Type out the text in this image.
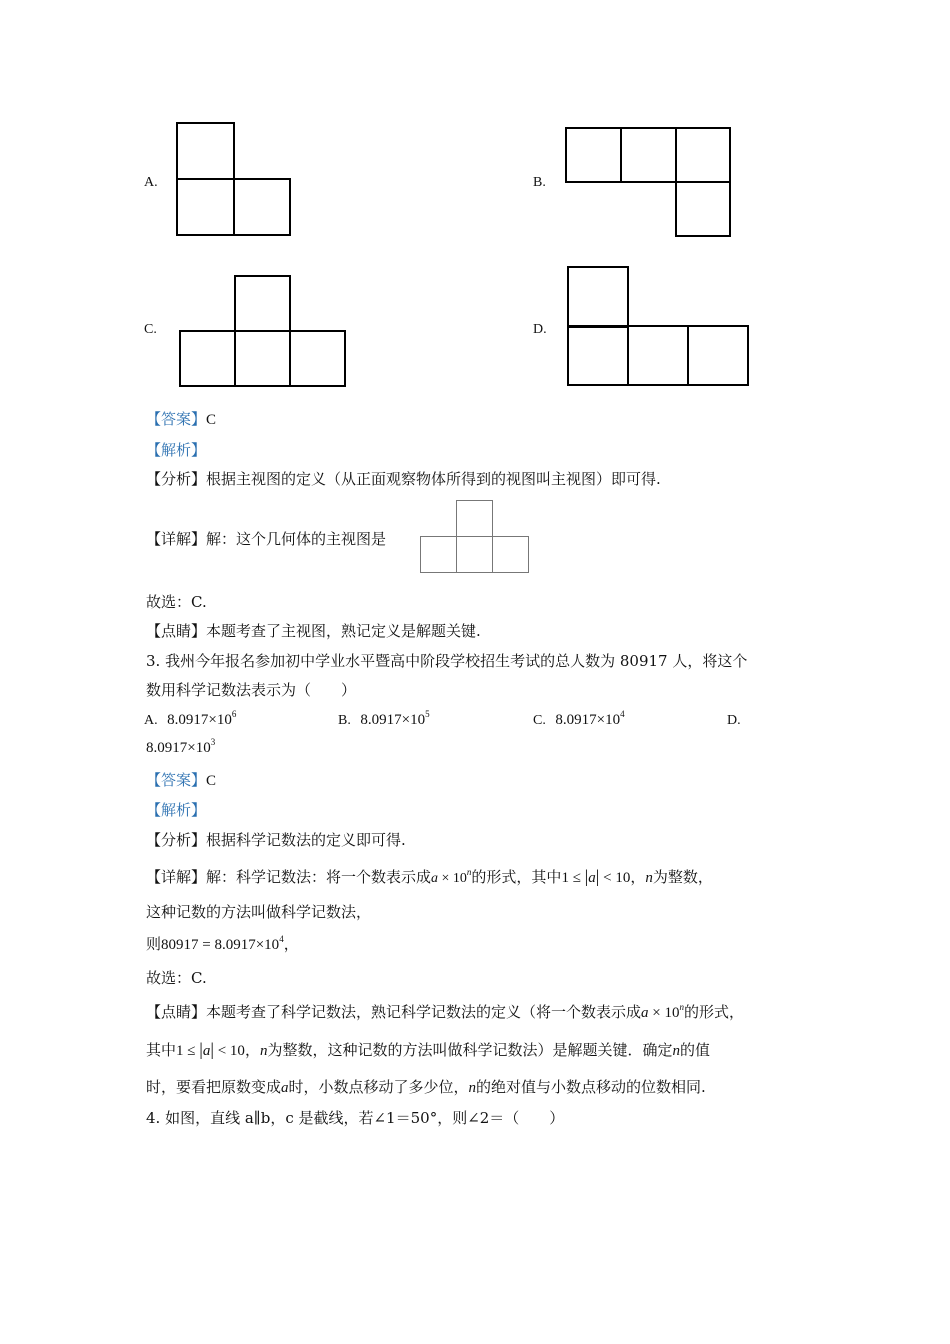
A.	B.
C.	D.
【答案】C
【解析】
【分析】根据主视图的定义（从正面观察物体所得到的视图叫主视图）即可得.
【详解】解：这个几何体的主视图是
故选：C.
【点睛】本题考查了主视图，熟记定义是解题关键.
3. 我州今年报名参加初中学业水平暨高中阶段学校招生考试的总人数为 80917 人，将这个
数用科学记数法表示为（　　）
A. $8.0917\times 10^6$	B. $8.0917\times 10^5$	C. $8.0917\times 10^4$	D.
$8.0917\times 10^3$
【答案】C
【解析】
【分析】根据科学记数法的定义即可得.
【详解】解：科学记数法：将一个数表示成$a \times 10^n$的形式，其中1 ≤ |a| < 10，n为整数，
这种记数的方法叫做科学记数法，
则$80917 = 8.0917\times 10^4$，
故选：C.
【点睛】本题考查了科学记数法，熟记科学记数法的定义（将一个数表示成$a \times 10^n$的形式，
其中1 ≤ |a| < 10，n为整数，这种记数的方法叫做科学记数法）是解题关键．确定n的值
时，要看把原数变成a时，小数点移动了多少位，n的绝对值与小数点移动的位数相同.
4. 如图，直线 a∥b，c 是截线，若∠1＝50°，则∠2＝（　　）
